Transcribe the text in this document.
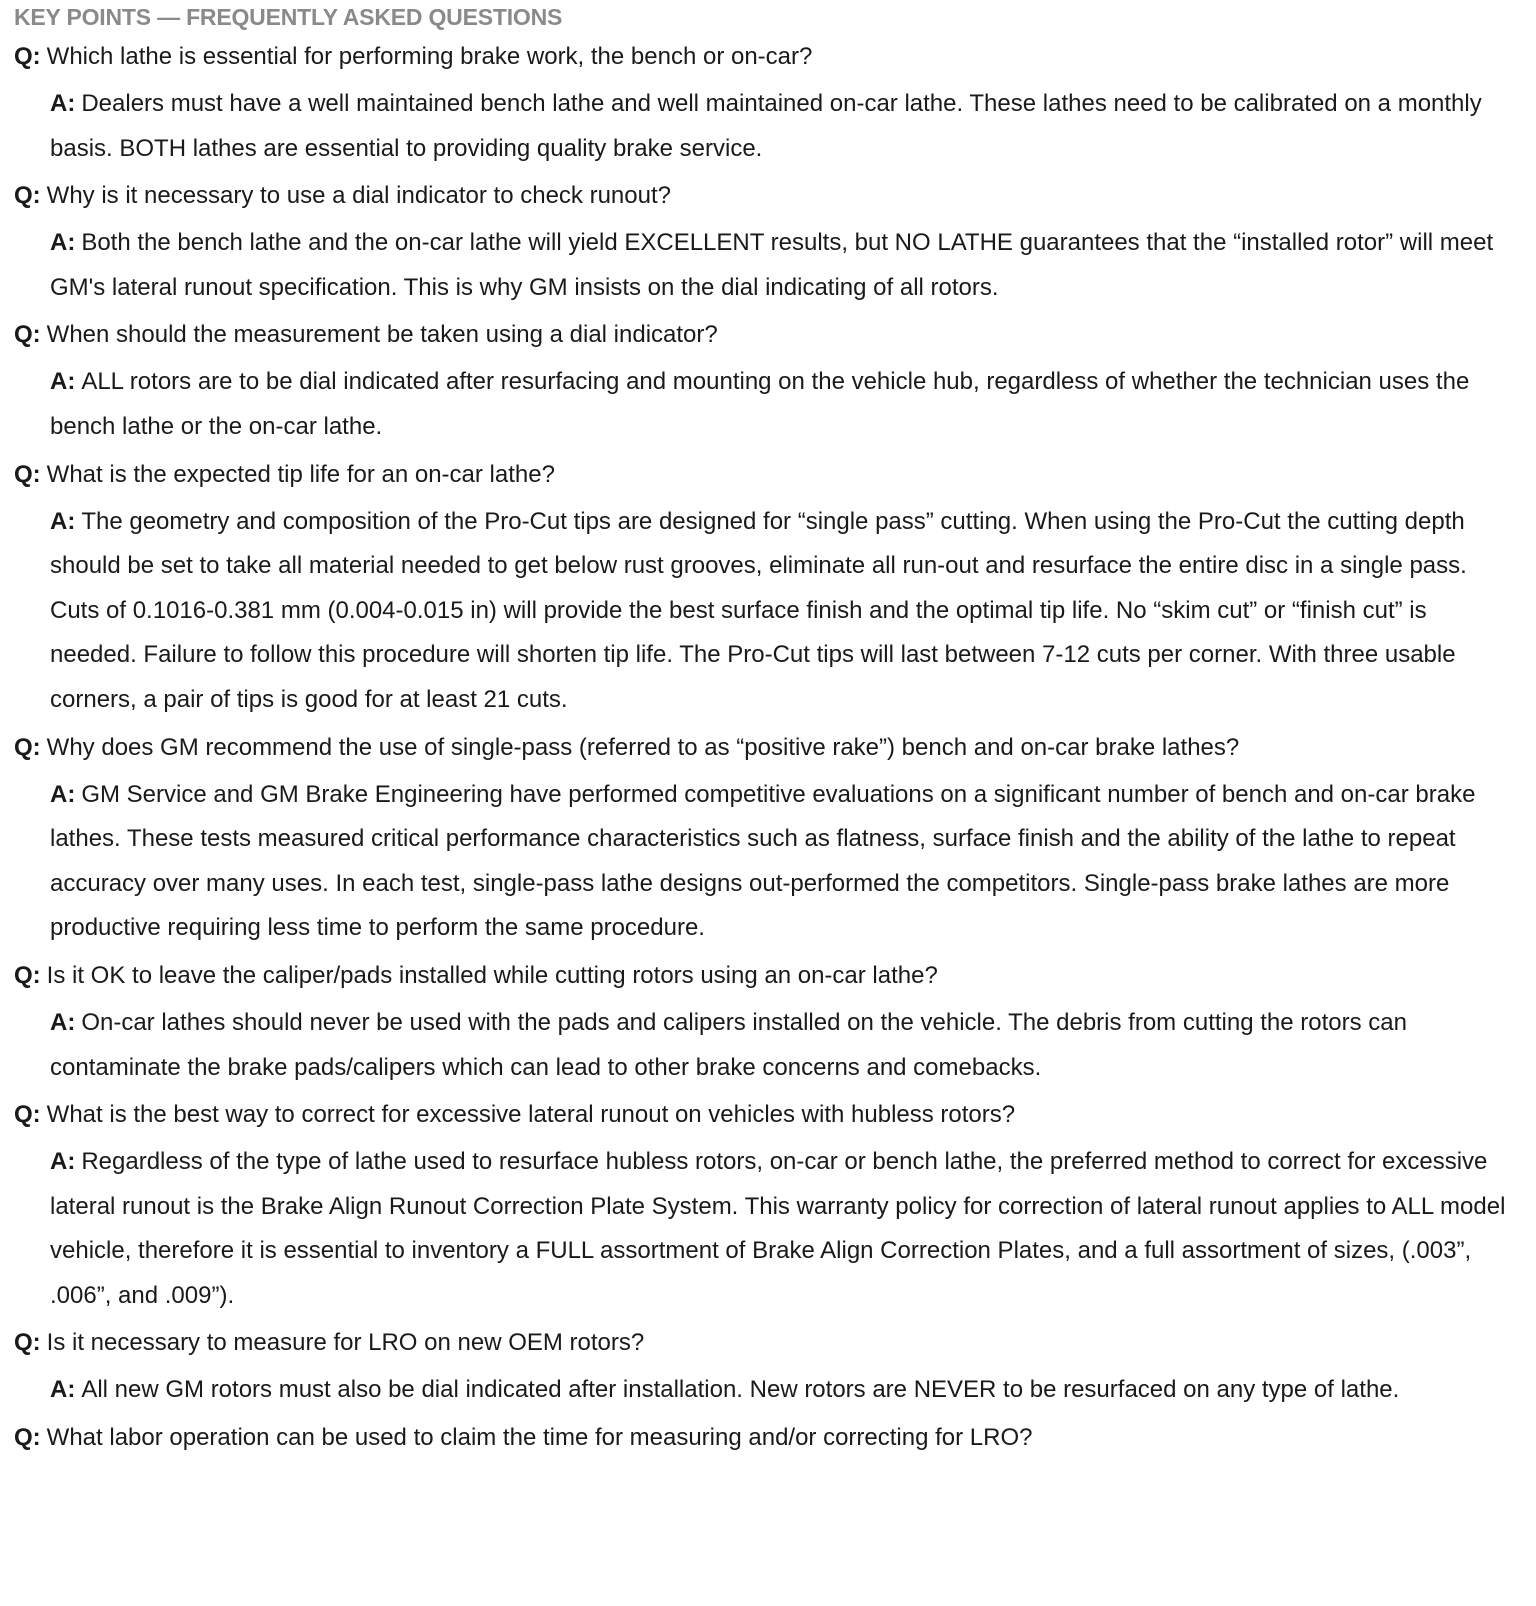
KEY POINTS — FREQUENTLY ASKED QUESTIONS
Q: Which lathe is essential for performing brake work, the bench or on-car?
A: Dealers must have a well maintained bench lathe and well maintained on-car lathe. These lathes need to be calibrated on a monthly basis. BOTH lathes are essential to providing quality brake service.
Q: Why is it necessary to use a dial indicator to check runout?
A: Both the bench lathe and the on-car lathe will yield EXCELLENT results, but NO LATHE guarantees that the “installed rotor” will meet GM's lateral runout specification. This is why GM insists on the dial indicating of all rotors.
Q: When should the measurement be taken using a dial indicator?
A: ALL rotors are to be dial indicated after resurfacing and mounting on the vehicle hub, regardless of whether the technician uses the bench lathe or the on-car lathe.
Q: What is the expected tip life for an on-car lathe?
A: The geometry and composition of the Pro-Cut tips are designed for “single pass” cutting. When using the Pro-Cut the cutting depth should be set to take all material needed to get below rust grooves, eliminate all run-out and resurface the entire disc in a single pass. Cuts of 0.1016-0.381 mm (0.004-0.015 in) will provide the best surface finish and the optimal tip life. No “skim cut” or “finish cut” is needed. Failure to follow this procedure will shorten tip life. The Pro-Cut tips will last between 7-12 cuts per corner. With three usable corners, a pair of tips is good for at least 21 cuts.
Q: Why does GM recommend the use of single-pass (referred to as “positive rake”) bench and on-car brake lathes?
A: GM Service and GM Brake Engineering have performed competitive evaluations on a significant number of bench and on-car brake lathes. These tests measured critical performance characteristics such as flatness, surface finish and the ability of the lathe to repeat accuracy over many uses. In each test, single-pass lathe designs out-performed the competitors. Single-pass brake lathes are more productive requiring less time to perform the same procedure.
Q: Is it OK to leave the caliper/pads installed while cutting rotors using an on-car lathe?
A: On-car lathes should never be used with the pads and calipers installed on the vehicle. The debris from cutting the rotors can contaminate the brake pads/calipers which can lead to other brake concerns and comebacks.
Q: What is the best way to correct for excessive lateral runout on vehicles with hubless rotors?
A: Regardless of the type of lathe used to resurface hubless rotors, on-car or bench lathe, the preferred method to correct for excessive lateral runout is the Brake Align Runout Correction Plate System. This warranty policy for correction of lateral runout applies to ALL model vehicle, therefore it is essential to inventory a FULL assortment of Brake Align Correction Plates, and a full assortment of sizes, (.003”, .006”, and .009”).
Q: Is it necessary to measure for LRO on new OEM rotors?
A: All new GM rotors must also be dial indicated after installation. New rotors are NEVER to be resurfaced on any type of lathe.
Q: What labor operation can be used to claim the time for measuring and/or correcting for LRO?
